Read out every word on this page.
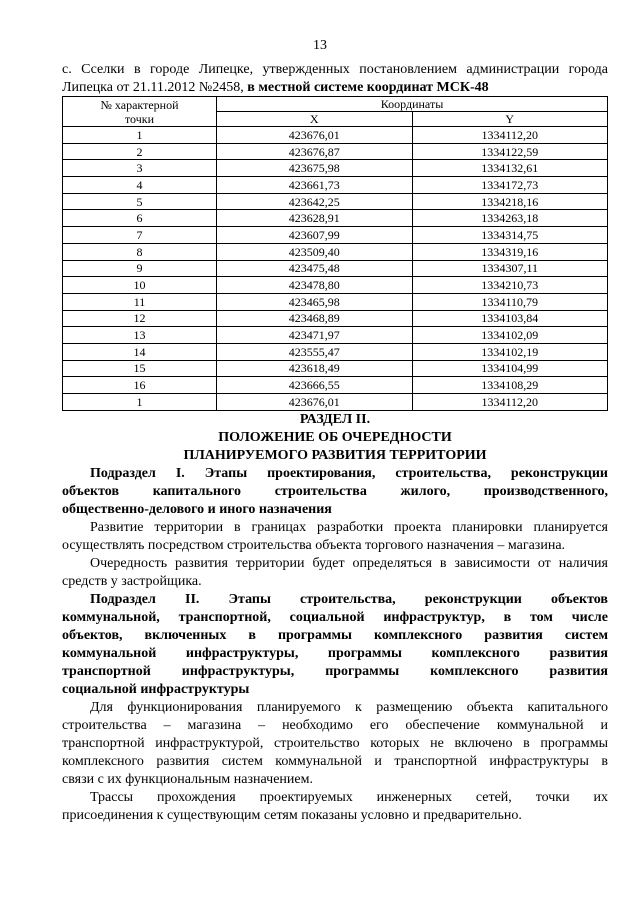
13
с. Сселки в городе Липецке, утвержденных постановлением администрации города
Липецка от 21.11.2012 №2458, в местной системе координат МСК-48
№ характерной
точки	Координаты	
	X	Y
1	423676,01	1334112,20
2	423676,87	1334122,59
3	423675,98	1334132,61
4	423661,73	1334172,73
5	423642,25	1334218,16
6	423628,91	1334263,18
7	423607,99	1334314,75
8	423509,40	1334319,16
9	423475,48	1334307,11
10	423478,80	1334210,73
11	423465,98	1334110,79
12	423468,89	1334103,84
13	423471,97	1334102,09
14	423555,47	1334102,19
15	423618,49	1334104,99
16	423666,55	1334108,29
1	423676,01	1334112,20
РАЗДЕЛ II.
ПОЛОЖЕНИЕ ОБ ОЧЕРЕДНОСТИ
ПЛАНИРУЕМОГО РАЗВИТИЯ ТЕРРИТОРИИ
Подраздел I. Этапы проектирования, строительства, реконструкции
объектов капитального строительства жилого, производственного,
общественно-делового и иного назначения
Развитие территории в границах разработки проекта планировки планируется
осуществлять посредством строительства объекта торгового назначения – магазина.
Очередность развития территории будет определяться в зависимости от наличия
средств у застройщика.
Подраздел II. Этапы строительства, реконструкции объектов
коммунальной, транспортной, социальной инфраструктур, в том числе
объектов, включенных в программы комплексного развития систем
коммунальной инфраструктуры, программы комплексного развития
транспортной инфраструктуры, программы комплексного развития
социальной инфраструктуры
Для функционирования планируемого к размещению объекта капитального
строительства – магазина – необходимо его обеспечение коммунальной и
транспортной инфраструктурой, строительство которых не включено в программы
комплексного развития систем коммунальной и транспортной инфраструктуры в
связи с их функциональным назначением.
Трассы прохождения проектируемых инженерных сетей, точки их
присоединения к существующим сетям показаны условно и предварительно.
